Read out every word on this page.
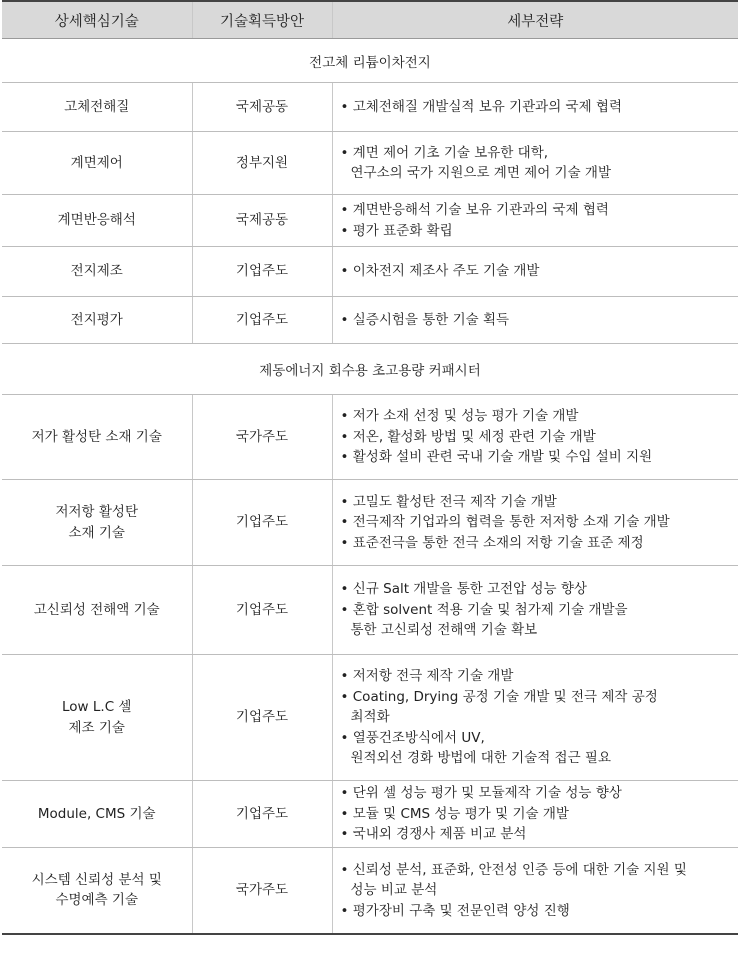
상세핵심기술	기술획득방안	세부전략
전고체 리튬이차전지		
고체전해질	국제공동	• 고체전해질 개발실적 보유 기관과의 국제 협력

계면제어	정부지원	• 계면 제어 기초 기술 보유한 대학,
연구소의 국가 지원으로 계면 제어 기술 개발

계면반응해석	국제공동	• 계면반응해석 기술 보유 기관과의 국제 협력
• 평가 표준화 확립

전지제조	기업주도	• 이차전지 제조사 주도 기술 개발

전지평가	기업주도	• 실증시험을 통한 기술 획득

제동에너지 회수용 초고용량 커패시터		
저가 활성탄 소재 기술	국가주도	• 저가 소재 선정 및 성능 평가 기술 개발
• 저온, 활성화 방법 및 세정 관련 기술 개발
• 활성화 설비 관련 국내 기술 개발 및 수입 설비 지원

저저항 활성탄
소재 기술	기업주도	• 고밀도 활성탄 전극 제작 기술 개발
• 전극제작 기업과의 협력을 통한 저저항 소재 기술 개발
• 표준전극을 통한 전극 소재의 저항 기술 표준 제정

고신뢰성 전해액 기술	기업주도	• 신규 Salt 개발을 통한 고전압 성능 향상
• 혼합 solvent 적용 기술 및 첨가제 기술 개발을
통한 고신뢰성 전해액 기술 확보

Low L.C 셀
제조 기술	기업주도	• 저저항 전극 제작 기술 개발
• Coating, Drying 공정 기술 개발 및 전극 제작 공정
최적화
• 열풍건조방식에서 UV,
원적외선 경화 방법에 대한 기술적 접근 필요

Module, CMS 기술	기업주도	• 단위 셀 성능 평가 및 모듈제작 기술 성능 향상
• 모듈 및 CMS 성능 평가 및 기술 개발
• 국내외 경쟁사 제품 비교 분석

시스템 신뢰성 분석 및
수명예측 기술	국가주도	• 신뢰성 분석, 표준화, 안전성 인증 등에 대한 기술 지원 및
성능 비교 분석
• 평가장비 구축 및 전문인력 양성 진행
